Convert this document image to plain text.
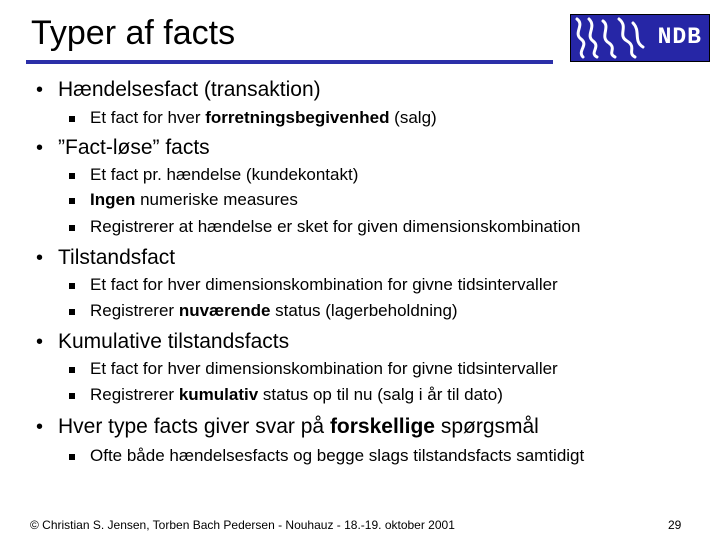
Typer af facts	NDB
• Hændelsesfact (transaktion)
Et fact for hver forretningsbegivenhed (salg)
• ”Fact-løse” facts
Et fact pr. hændelse (kundekontakt)
Ingen numeriske measures
Registrerer at hændelse er sket for given dimensionskombination
• Tilstandsfact
Et fact for hver dimensionskombination for givne tidsintervaller
Registrerer nuværende status (lagerbeholdning)
• Kumulative tilstandsfacts
Et fact for hver dimensionskombination for givne tidsintervaller
Registrerer kumulativ status op til nu (salg i år til dato)
• Hver type facts giver svar på forskellige spørgsmål
Ofte både hændelsesfacts og begge slags tilstandsfacts samtidigt
© Christian S. Jensen, Torben Bach Pedersen - Nouhauz - 18.-19. oktober 2001	29
